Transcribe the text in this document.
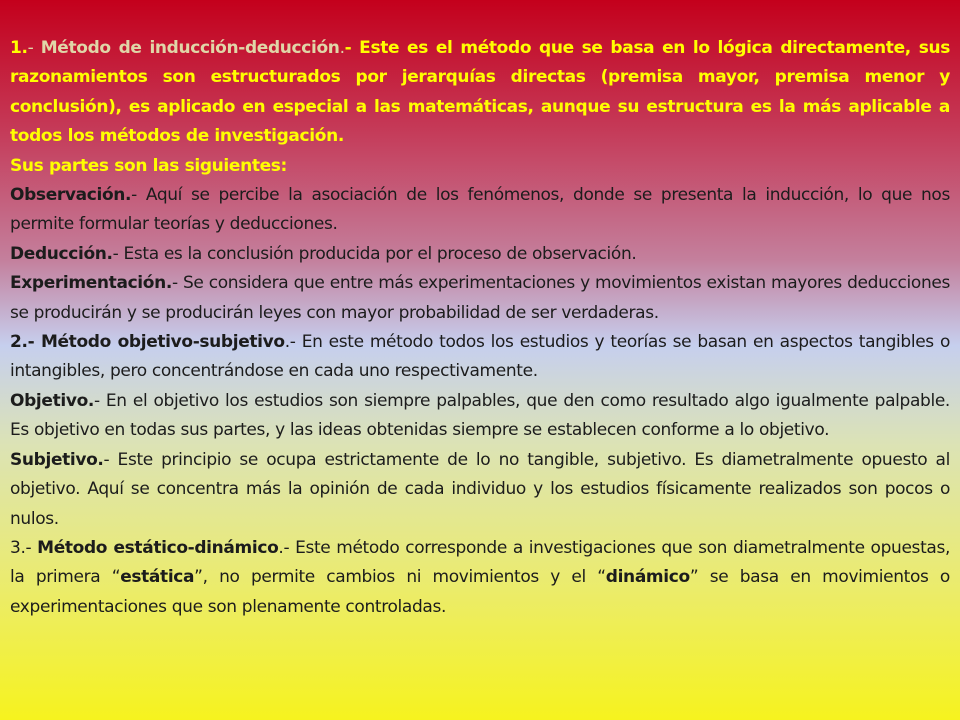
1.- Método de inducción-deducción.- Este es el método que se basa en lo lógica directamente, sus razonamientos son estructurados por jerarquías directas (premisa mayor, premisa menor y conclusión), es aplicado en especial a las matemáticas, aunque su estructura es la más aplicable a todos los métodos de investigación.

Sus partes son las siguientes:

Observación.- Aquí se percibe la asociación de los fenómenos, donde se presenta la inducción, lo que nos permite formular teorías y deducciones.

Deducción.- Esta es la conclusión producida por el proceso de observación.

Experimentación.- Se considera que entre más experimentaciones y movimientos existan mayores deducciones se producirán y se producirán leyes con mayor probabilidad de ser verdaderas.

2.- Método objetivo-subjetivo.- En este método todos los estudios y teorías se basan en aspectos tangibles o intangibles, pero concentrándose en cada uno respectivamente.

Objetivo.- En el objetivo los estudios son siempre palpables, que den como resultado algo igualmente palpable. Es objetivo en todas sus partes, y las ideas obtenidas siempre se establecen conforme a lo objetivo.

Subjetivo.- Este principio se ocupa estrictamente de lo no tangible, subjetivo. Es diametralmente opuesto al objetivo. Aquí se concentra más la opinión de cada individuo y los estudios físicamente realizados son pocos o nulos.

3.- Método estático-dinámico.- Este método corresponde a investigaciones que son diametralmente opuestas, la primera “estática”, no permite cambios ni movimientos y el “dinámico” se basa en movimientos o experimentaciones que son plenamente controladas.
